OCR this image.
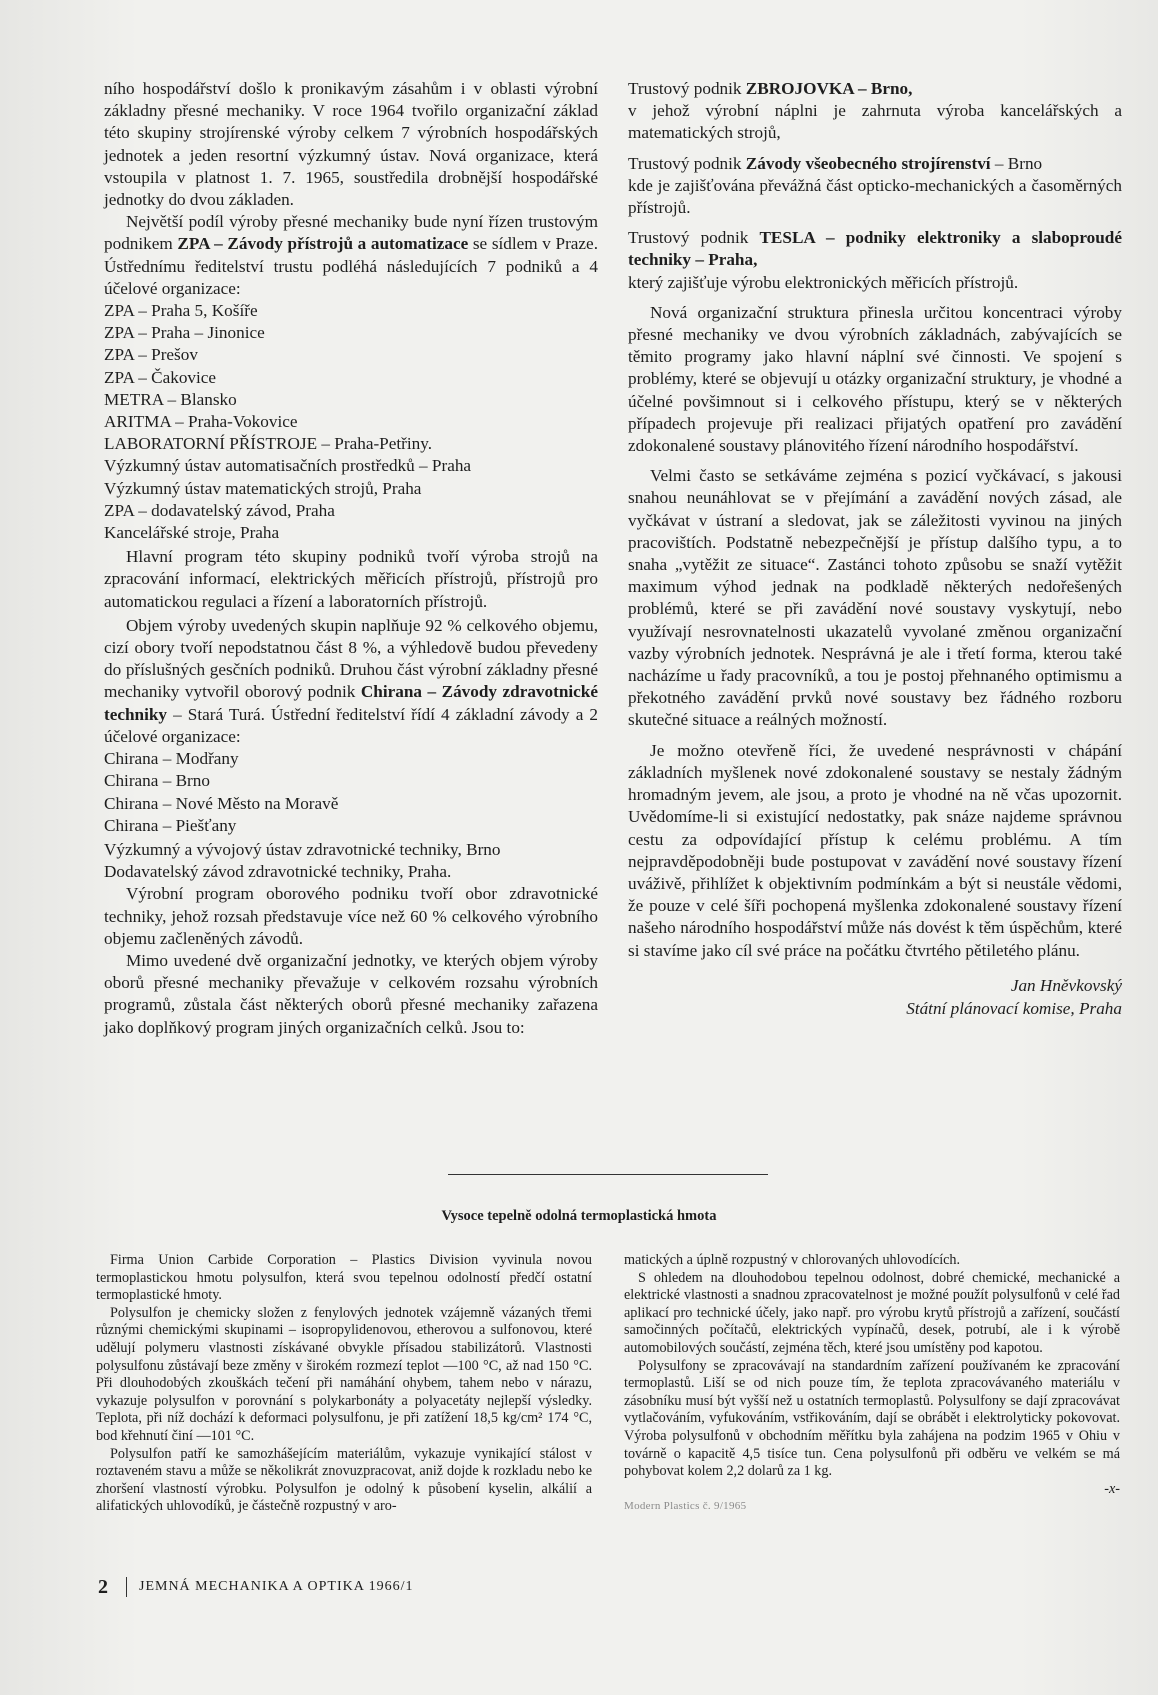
ního hospodářství došlo k pronikavým zásahům i v oblasti výrobní základny přesné mechaniky. V roce 1964 tvořilo organizační základ této skupiny strojírenské výroby celkem 7 výrobních hospodářských jednotek a jeden resortní výzkumný ústav. Nová organizace, která vstoupila v platnost 1. 7. 1965, soustředila drobnější hospodářské jednotky do dvou základen.

Největší podíl výroby přesné mechaniky bude nyní řízen trustovým podnikem ZPA – Závody přístrojů a automatizace se sídlem v Praze. Ústřednímu ředitelství trustu podléhá následujících 7 podniků a 4 účelové organizace:

ZPA – Praha 5, Košíře
ZPA – Praha – Jinonice
ZPA – Prešov
ZPA – Čakovice
METRA – Blansko
ARITMA – Praha-Vokovice
LABORATORNÍ PŘÍSTROJE – Praha-Petřiny.
Výzkumný ústav automatisačních prostředků – Praha
Výzkumný ústav matematických strojů, Praha
ZPA – dodavatelský závod, Praha
Kancelářské stroje, Praha

Hlavní program této skupiny podniků tvoří výroba strojů na zpracování informací, elektrických měřicích přístrojů, přístrojů pro automatickou regulaci a řízení a laboratorních přístrojů.

Objem výroby uvedených skupin naplňuje 92 % celkového objemu, cizí obory tvoří nepodstatnou část 8 %, a výhledově budou převedeny do příslušných gesčních podniků. Druhou část výrobní základny přesné mechaniky vytvořil oborový podnik Chirana – Závody zdravotnické techniky – Stará Turá. Ústřední ředitelství řídí 4 základní závody a 2 účelové organizace:

Chirana – Modřany
Chirana – Brno
Chirana – Nové Město na Moravě
Chirana – Piešťany
Výzkumný a vývojový ústav zdravotnické techniky, Brno
Dodavatelský závod zdravotnické techniky, Praha.

Výrobní program oborového podniku tvoří obor zdravotnické techniky, jehož rozsah představuje více než 60 % celkového výrobního objemu začleněných závodů.

Mimo uvedené dvě organizační jednotky, ve kterých objem výroby oborů přesné mechaniky převažuje v celkovém rozsahu výrobních programů, zůstala část některých oborů přesné mechaniky zařazena jako doplňkový program jiných organizačních celků. Jsou to:

Trustový podnik ZBROJOVKA – Brno,

v jehož výrobní náplni je zahrnuta výroba kancelářských a matematických strojů,

Trustový podnik Závody všeobecného strojírenství – Brno

kde je zajišťována převážná část opticko-mechanických a časoměrných přístrojů.

Trustový podnik TESLA – podniky elektroniky a slaboproudé techniky – Praha,

který zajišťuje výrobu elektronických měřicích přístrojů.

Nová organizační struktura přinesla určitou koncentraci výroby přesné mechaniky ve dvou výrobních základnách, zabývajících se těmito programy jako hlavní náplní své činnosti. Ve spojení s problémy, které se objevují u otázky organizační struktury, je vhodné a účelné povšimnout si i celkového přístupu, který se v některých případech projevuje při realizaci přijatých opatření pro zavádění zdokonalené soustavy plánovitého řízení národního hospodářství.

Velmi často se setkáváme zejména s pozicí vyčkávací, s jakousi snahou neunáhlovat se v přejímání a zavádění nových zásad, ale vyčkávat v ústraní a sledovat, jak se záležitosti vyvinou na jiných pracovištích. Podstatně nebezpečnější je přístup dalšího typu, a to snaha „vytěžit ze situace“. Zastánci tohoto způsobu se snaží vytěžit maximum výhod jednak na podkladě některých nedořešených problémů, které se při zavádění nové soustavy vyskytují, nebo využívají nesrovnatelnosti ukazatelů vyvolané změnou organizační vazby výrobních jednotek. Nesprávná je ale i třetí forma, kterou také nacházíme u řady pracovníků, a tou je postoj přehnaného optimismu a překotného zavádění prvků nové soustavy bez řádného rozboru skutečné situace a reálných možností.

Je možno otevřeně říci, že uvedené nesprávnosti v chápání základních myšlenek nové zdokonalené soustavy se nestaly žádným hromadným jevem, ale jsou, a proto je vhodné na ně včas upozornit. Uvědomíme-li si existující nedostatky, pak snáze najdeme správnou cestu za odpovídající přístup k celému problému. A tím nejpravděpodobněji bude postupovat v zavádění nové soustavy řízení uváživě, přihlížet k objektivním podmínkám a být si neustále vědomi, že pouze v celé šíři pochopená myšlenka zdokonalené soustavy řízení našeho národního hospodářství může nás dovést k těm úspěchům, které si stavíme jako cíl své práce na počátku čtvrtého pětiletého plánu.

Jan Hněvkovský
Státní plánovací komise, Praha

Vysoce tepelně odolná termoplastická hmota

Firma Union Carbide Corporation – Plastics Division vyvinula novou termoplastickou hmotu polysulfon, která svou tepelnou odolností předčí ostatní termoplastické hmoty.

Polysulfon je chemicky složen z fenylových jednotek vzájemně vázaných třemi různými chemickými skupinami – isopropylidenovou, etherovou a sulfonovou, které udělují polymeru vlastnosti získávané obvykle přísadou stabilizátorů. Vlastnosti polysulfonu zůstávají beze změny v širokém rozmezí teplot —100 °C, až nad 150 °C. Při dlouhodobých zkouškách tečení při namáhání ohybem, tahem nebo v nárazu, vykazuje polysulfon v porovnání s polykarbonáty a polyacetáty nejlepší výsledky. Teplota, při níž dochází k deformaci polysulfonu, je při zatížení 18,5 kg/cm² 174 °C, bod křehnutí činí —101 °C.

Polysulfon patří ke samozhášejícím materiálům, vykazuje vynikající stálost v roztaveném stavu a může se několikrát znovuzpracovat, aniž dojde k rozkladu nebo ke zhoršení vlastností výrobku. Polysulfon je odolný k působení kyselin, alkálií a alifatických uhlovodíků, je částečně rozpustný v aro-

matických a úplně rozpustný v chlorovaných uhlovodících.

S ohledem na dlouhodobou tepelnou odolnost, dobré chemické, mechanické a elektrické vlastnosti a snadnou zpracovatelnost je možné použít polysulfonů v celé řad aplikací pro technické účely, jako např. pro výrobu krytů přístrojů a zařízení, součástí samočinných počítačů, elektrických vypínačů, desek, potrubí, ale i k výrobě automobilových součástí, zejména těch, které jsou umístěny pod kapotou.

Polysulfony se zpracovávají na standardním zařízení používaném ke zpracování termoplastů. Liší se od nich pouze tím, že teplota zpracovávaného materiálu v zásobníku musí být vyšší než u ostatních termoplastů. Polysulfony se dají zpracovávat vytlačováním, vyfukováním, vstřikováním, dají se obrábět i elektrolyticky pokovovat. Výroba polysulfonů v obchodním měřítku byla zahájena na podzim 1965 v Ohiu v továrně o kapacitě 4,5 tisíce tun. Cena polysulfonů při odběru ve velkém se má pohybovat kolem 2,2 dolarů za 1 kg.

-x-

Modern Plastics č. 9/1965

2 JEMNÁ MECHANIKA A OPTIKA 1966/1
